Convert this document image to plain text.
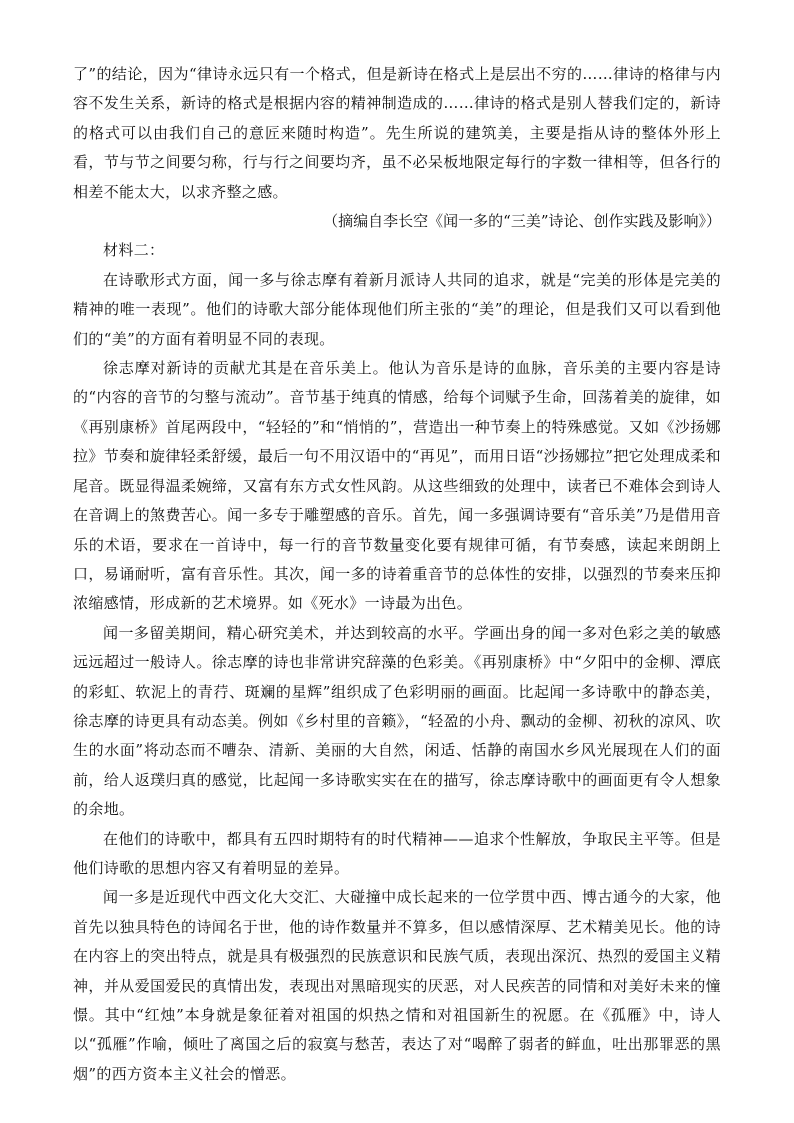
了”的结论，因为“律诗永远只有一个格式，但是新诗在格式上是层出不穷的……律诗的格律与内容不发生关系，新诗的格式是根据内容的精神制造成的……律诗的格式是别人替我们定的，新诗的格式可以由我们自己的意匠来随时构造”。先生所说的建筑美，主要是指从诗的整体外形上看，节与节之间要匀称，行与行之间要均齐，虽不必呆板地限定每行的字数一律相等，但各行的相差不能太大，以求齐整之感。

（摘编自李长空《闻一多的“三美”诗论、创作实践及影响》）

材料二：

在诗歌形式方面，闻一多与徐志摩有着新月派诗人共同的追求，就是“完美的形体是完美的精神的唯一表现”。他们的诗歌大部分能体现他们所主张的“美”的理论，但是我们又可以看到他们的“美”的方面有着明显不同的表现。

徐志摩对新诗的贡献尤其是在音乐美上。他认为音乐是诗的血脉，音乐美的主要内容是诗的“内容的音节的匀整与流动”。音节基于纯真的情感，给每个词赋予生命，回荡着美的旋律，如《再别康桥》首尾两段中，“轻轻的”和“悄悄的”，营造出一种节奏上的特殊感觉。又如《沙扬娜拉》节奏和旋律轻柔舒缓，最后一句不用汉语中的“再见”，而用日语“沙扬娜拉”把它处理成柔和尾音。既显得温柔婉缔，又富有东方式女性风韵。从这些细致的处理中，读者已不难体会到诗人在音调上的煞费苦心。闻一多专于雕塑感的音乐。首先，闻一多强调诗要有“音乐美”乃是借用音乐的术语，要求在一首诗中，每一行的音节数量变化要有规律可循，有节奏感，读起来朗朗上口，易诵耐听，富有音乐性。其次，闻一多的诗着重音节的总体性的安排，以强烈的节奏来压抑浓缩感情，形成新的艺术境界。如《死水》一诗最为出色。

闻一多留美期间，精心研究美术，并达到较高的水平。学画出身的闻一多对色彩之美的敏感远远超过一般诗人。徐志摩的诗也非常讲究辞藻的色彩美。《再别康桥》中“夕阳中的金柳、潭底的彩虹、软泥上的青荇、斑斓的星辉”组织成了色彩明丽的画面。比起闻一多诗歌中的静态美，徐志摩的诗更具有动态美。例如《乡村里的音籁》，“轻盈的小舟、飘动的金柳、初秋的凉风、吹生的水面”将动态而不嘈杂、清新、美丽的大自然，闲适、恬静的南国水乡风光展现在人们的面前，给人返璞归真的感觉，比起闻一多诗歌实实在在的描写，徐志摩诗歌中的画面更有令人想象的余地。

在他们的诗歌中，都具有五四时期特有的时代精神——追求个性解放，争取民主平等。但是他们诗歌的思想内容又有着明显的差异。

闻一多是近现代中西文化大交汇、大碰撞中成长起来的一位学贯中西、博古通今的大家，他首先以独具特色的诗闻名于世，他的诗作数量并不算多，但以感情深厚、艺术精美见长。他的诗在内容上的突出特点，就是具有极强烈的民族意识和民族气质，表现出深沉、热烈的爱国主义精神，并从爱国爱民的真情出发，表现出对黑暗现实的厌恶，对人民疾苦的同情和对美好未来的憧憬。其中“红烛”本身就是象征着对祖国的炽热之情和对祖国新生的祝愿。在《孤雁》中，诗人以“孤雁”作喻，倾吐了离国之后的寂寞与愁苦，表达了对“喝醉了弱者的鲜血，吐出那罪恶的黑烟”的西方资本主义社会的憎恶。
